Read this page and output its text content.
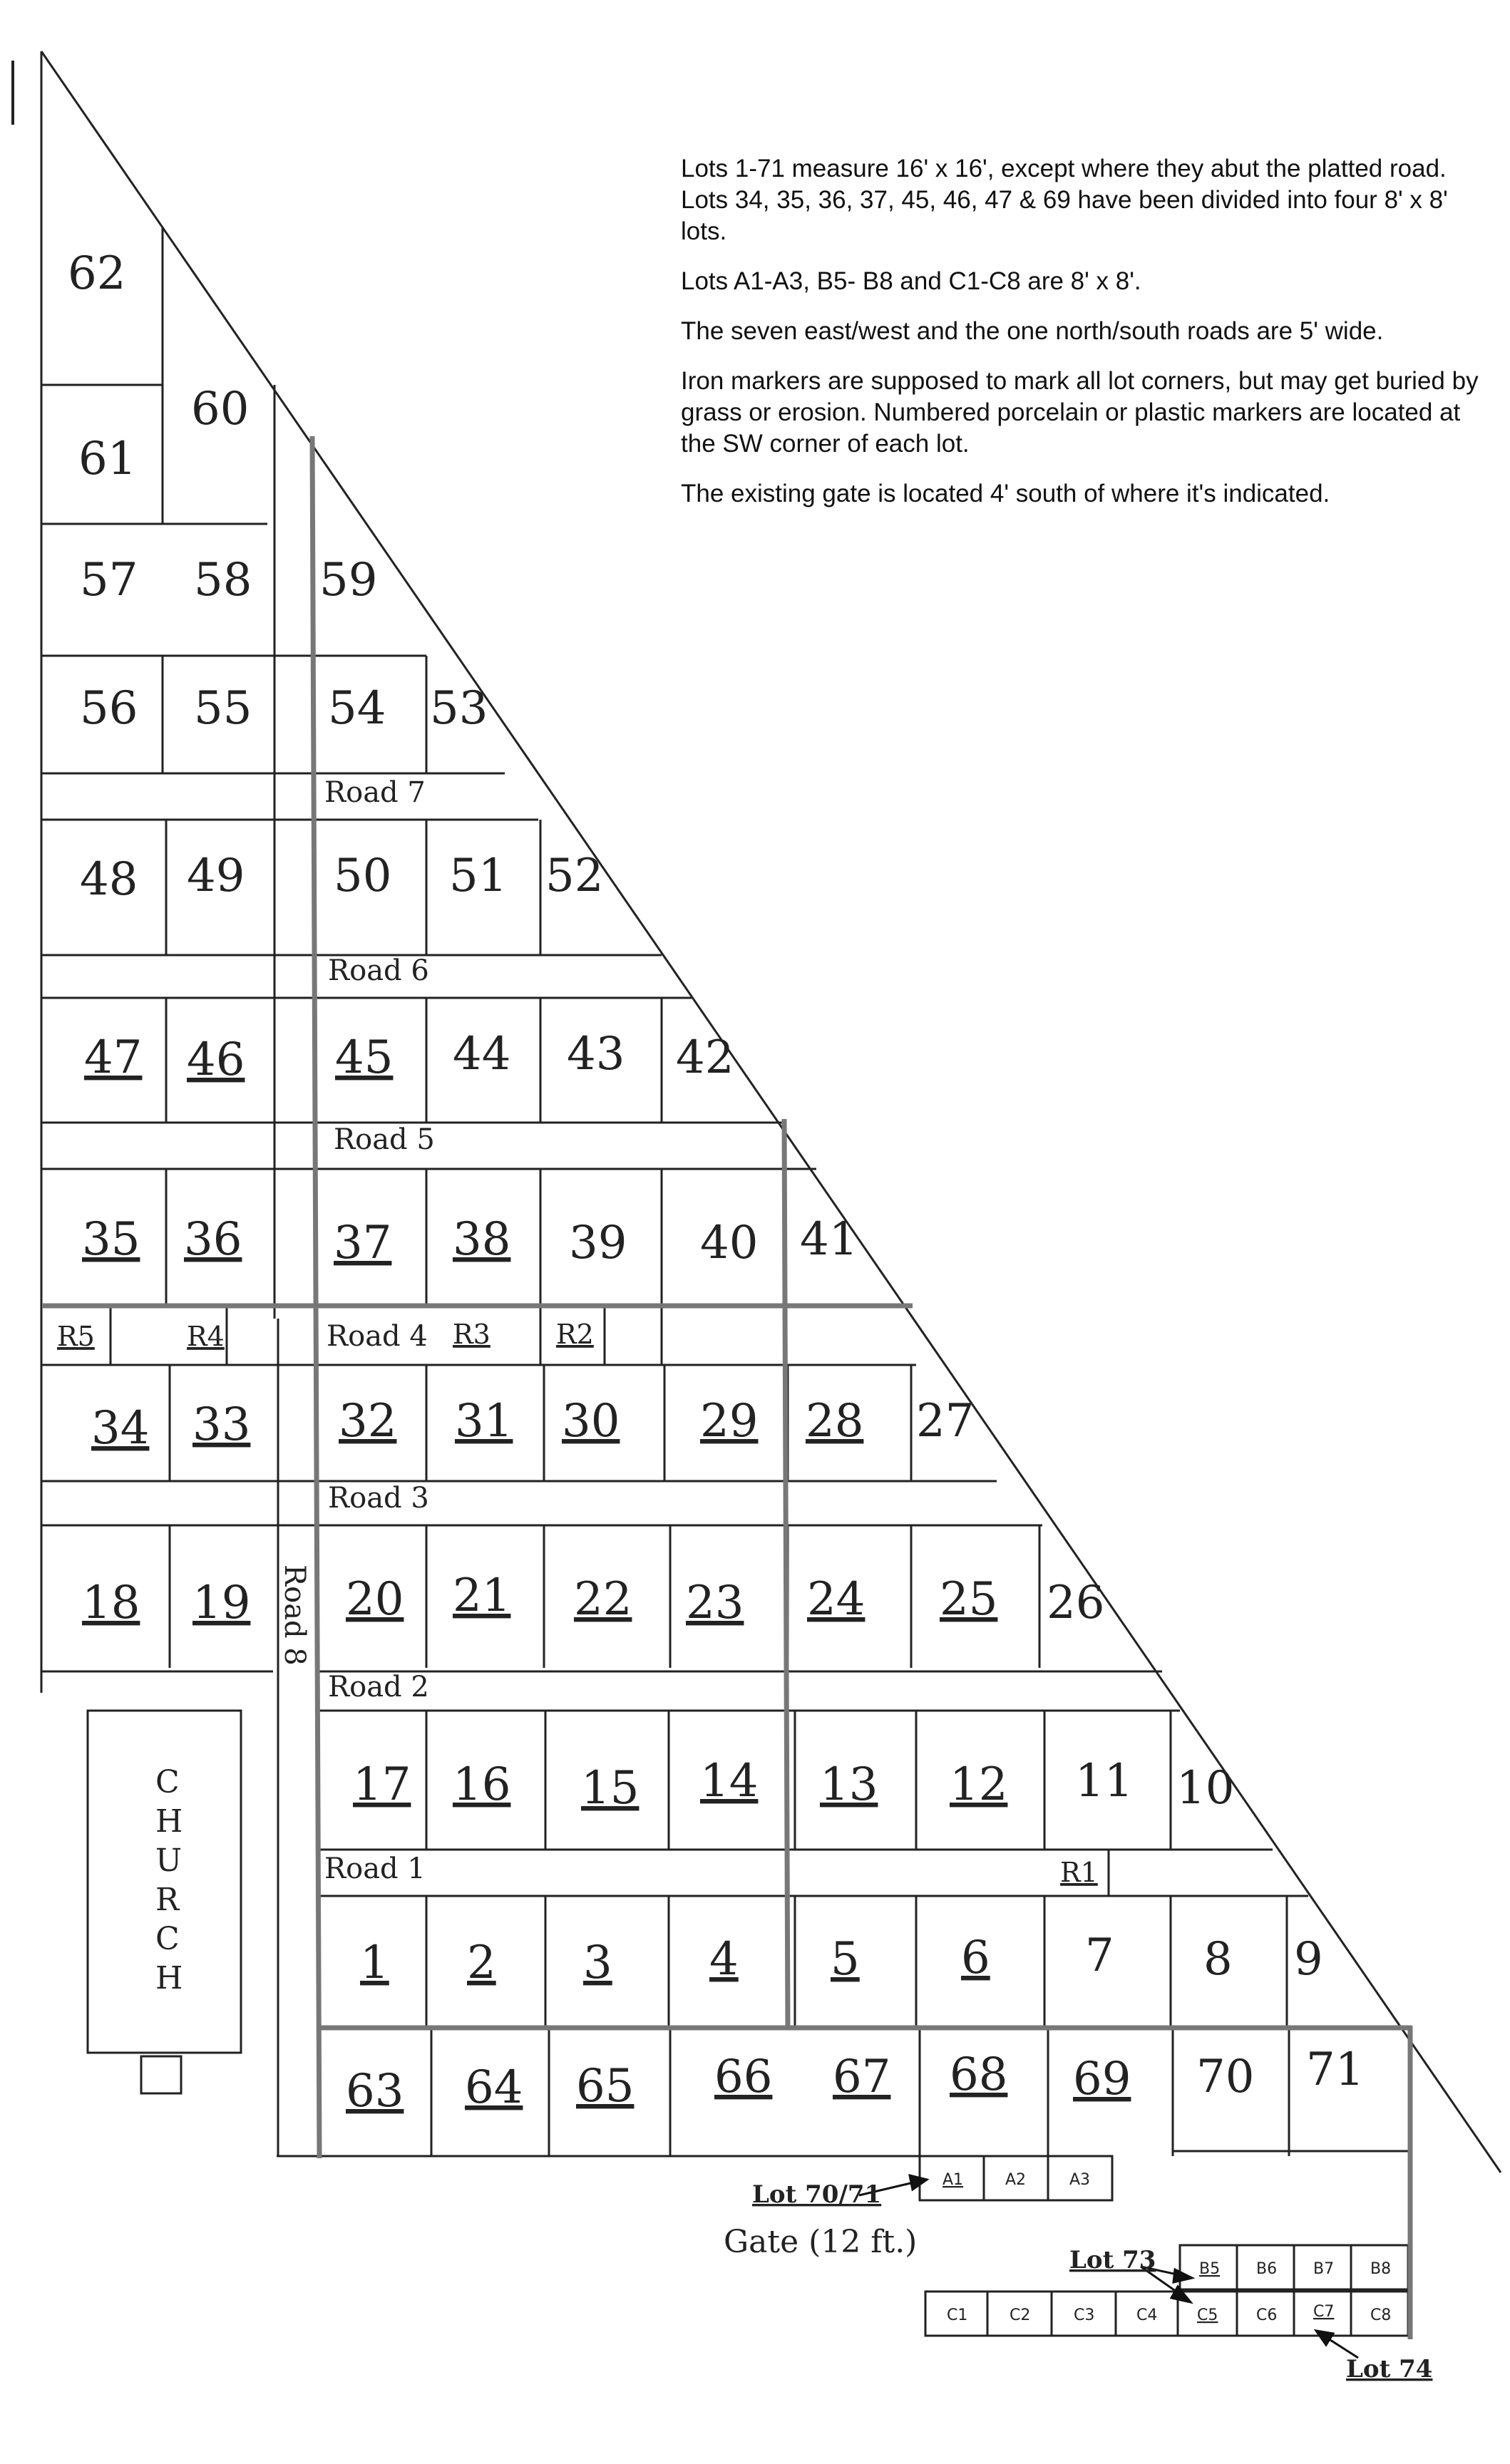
62
61
60
57 58 59
56 55 54 53
48 49 50 51 52
47 46 45 44 43 42
35 36 37 38 39 40 41
34 33 32 31 30 29 28 27
18 19 20 21 22 23 24 25 26
17 16 15 14 13 12 11 10
1 2 3 4 5 6 7 8 9
63 64 65 66 67 68 69 70 71
Road 7
Road 6
Road 5
Road 4
Road 3
Road 2
Road 1
Road 8
R5	R4	R3 R2
R1
A1	A2	A3
B5 B6 B7 B8
C1	C2	C3	C4	C5 C6 C7 C8
C
H
U
R
C
H
Lot 70/71
Lot 73
Lot 74
Gate (12 ft.)

Lots 1-71 measure 16' x 16', except where they abut the platted road. Lots 34, 35, 36, 37, 45, 46, 47 & 69 have been divided into four 8' x 8' lots.

Lots A1-A3, B5- B8 and C1-C8 are 8' x 8'.

The seven east/west and the one north/south roads are 5' wide.

Iron markers are supposed to mark all lot corners, but may get buried by grass or erosion. Numbered porcelain or plastic markers are located at the SW corner of each lot.

The existing gate is located 4' south of where it's indicated.
